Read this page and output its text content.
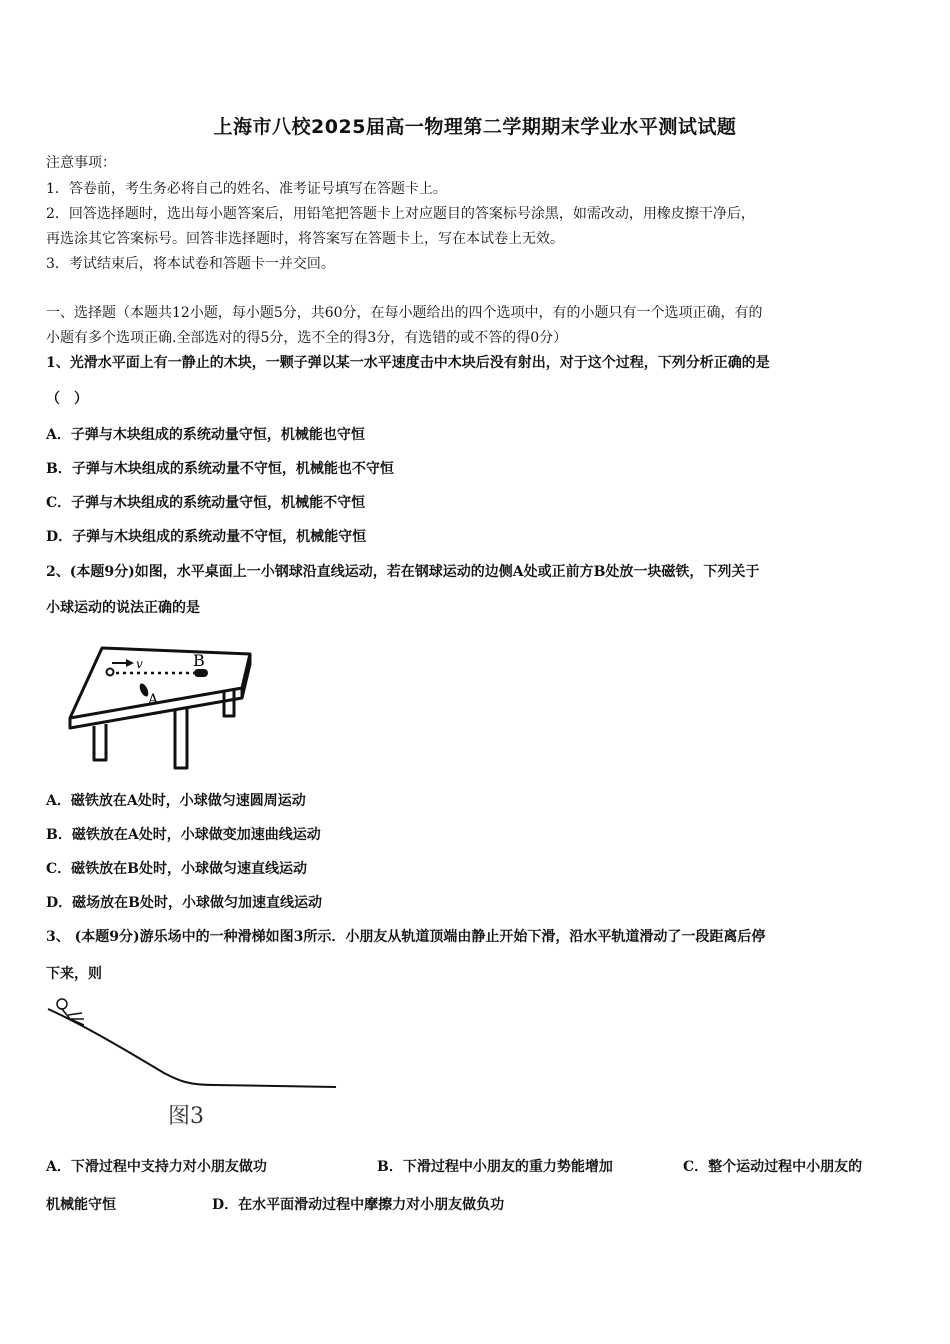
上海市八校2025届高一物理第二学期期末学业水平测试试题
注意事项：
1．答卷前，考生务必将自己的姓名、准考证号填写在答题卡上。
2．回答选择题时，选出每小题答案后，用铅笔把答题卡上对应题目的答案标号涂黑，如需改动，用橡皮擦干净后，
再选涂其它答案标号。回答非选择题时，将答案写在答题卡上，写在本试卷上无效。
3．考试结束后，将本试卷和答题卡一并交回。
一、选择题（本题共12小题，每小题5分，共60分，在每小题给出的四个选项中，有的小题只有一个选项正确，有的
小题有多个选项正确.全部选对的得5分，选不全的得3分，有选错的或不答的得0分）
1、光滑水平面上有一静止的木块，一颗子弹以某一水平速度击中木块后没有射出，对于这个过程，下列分析正确的是
（　）
A．子弹与木块组成的系统动量守恒，机械能也守恒
B．子弹与木块组成的系统动量不守恒，机械能也不守恒
C．子弹与木块组成的系统动量守恒，机械能不守恒
D．子弹与木块组成的系统动量不守恒，机械能守恒
2、(本题9分)如图，水平桌面上一小钢球沿直线运动，若在钢球运动的边侧A处或正前方B处放一块磁铁，下列关于
小球运动的说法正确的是
v	B
A
A．磁铁放在A处时，小球做匀速圆周运动
B．磁铁放在A处时，小球做变加速曲线运动
C．磁铁放在B处时，小球做匀速直线运动
D．磁场放在B处时，小球做匀加速直线运动
3、 (本题9分)游乐场中的一种滑梯如图3所示．小朋友从轨道顶端由静止开始下滑，沿水平轨道滑动了一段距离后停
下来，则
图3
A．下滑过程中支持力对小朋友做功	B．下滑过程中小朋友的重力势能增加	C．整个运动过程中小朋友的
机械能守恒	D．在水平面滑动过程中摩擦力对小朋友做负功
